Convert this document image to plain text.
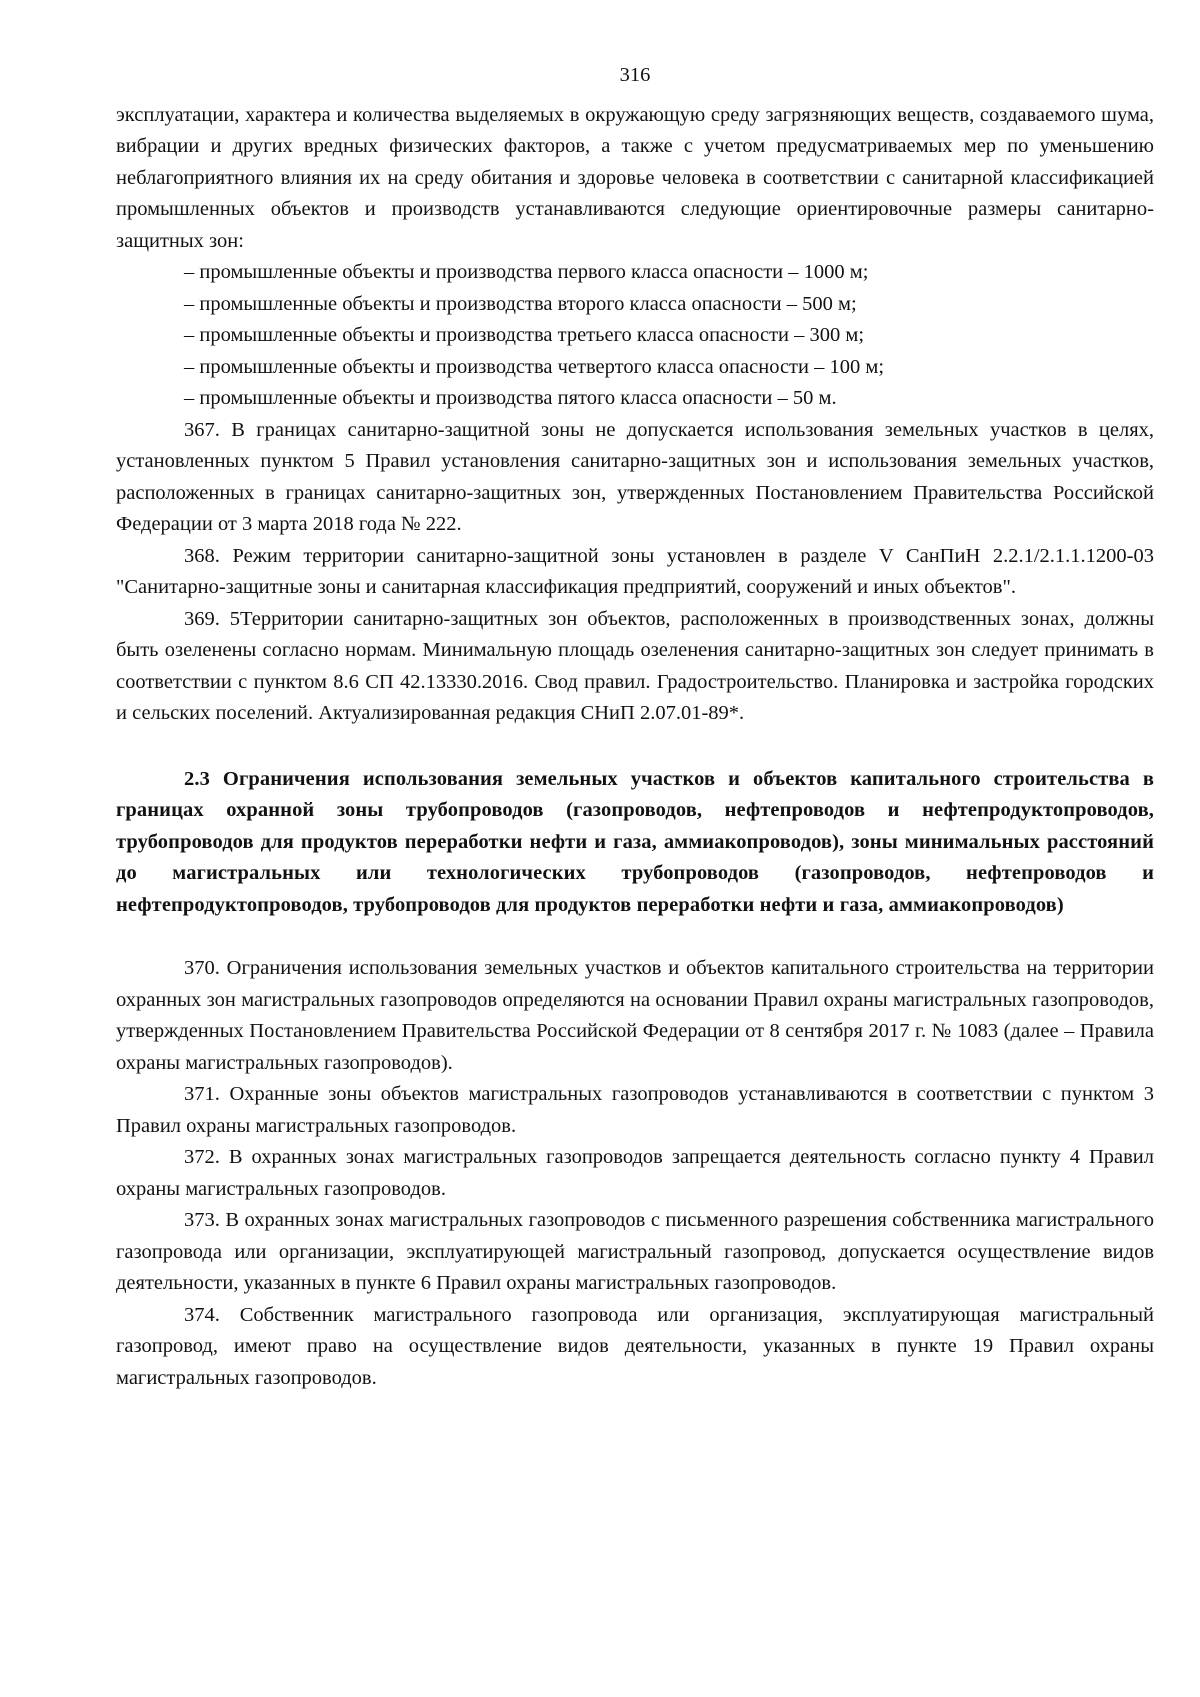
316

эксплуатации, характера и количества выделяемых в окружающую среду загрязняющих веществ, создаваемого шума, вибрации и других вредных физических факторов, а также с учетом предусматриваемых мер по уменьшению неблагоприятного влияния их на среду обитания и здоровье человека в соответствии с санитарной классификацией промышленных объектов и производств устанавливаются следующие ориентировочные размеры санитарно-защитных зон:

– промышленные объекты и производства первого класса опасности – 1000 м;

– промышленные объекты и производства второго класса опасности – 500 м;

– промышленные объекты и производства третьего класса опасности – 300 м;

– промышленные объекты и производства четвертого класса опасности – 100 м;

– промышленные объекты и производства пятого класса опасности – 50 м.

367. В границах санитарно-защитной зоны не допускается использования земельных участков в целях, установленных пунктом 5 Правил установления санитарно-защитных зон и использования земельных участков, расположенных в границах санитарно-защитных зон, утвержденных Постановлением Правительства Российской Федерации от 3 марта 2018 года № 222.

368. Режим территории санитарно-защитной зоны установлен в разделе V СанПиН 2.2.1/2.1.1.1200-03 "Санитарно-защитные зоны и санитарная классификация предприятий, сооружений и иных объектов".

369. 5Территории санитарно-защитных зон объектов, расположенных в производственных зонах, должны быть озеленены согласно нормам. Минимальную площадь озеленения санитарно-защитных зон следует принимать в соответствии с пунктом 8.6 СП 42.13330.2016. Свод правил. Градостроительство. Планировка и застройка городских и сельских поселений. Актуализированная редакция СНиП 2.07.01-89*.

2.3 Ограничения использования земельных участков и объектов капитального строительства в границах охранной зоны трубопроводов (газопроводов, нефтепроводов и нефтепродуктопроводов, трубопроводов для продуктов переработки нефти и газа, аммиакопроводов), зоны минимальных расстояний до магистральных или технологических трубопроводов (газопроводов, нефтепроводов и нефтепродуктопроводов, трубопроводов для продуктов переработки нефти и газа, аммиакопроводов)

370. Ограничения использования земельных участков и объектов капитального строительства на территории охранных зон магистральных газопроводов определяются на основании Правил охраны магистральных газопроводов, утвержденных Постановлением Правительства Российской Федерации от 8 сентября 2017 г. № 1083 (далее – Правила охраны магистральных газопроводов).

371. Охранные зоны объектов магистральных газопроводов устанавливаются в соответствии с пунктом 3 Правил охраны магистральных газопроводов.

372. В охранных зонах магистральных газопроводов запрещается деятельность согласно пункту 4 Правил охраны магистральных газопроводов.

373. В охранных зонах магистральных газопроводов с письменного разрешения собственника магистрального газопровода или организации, эксплуатирующей магистральный газопровод, допускается осуществление видов деятельности, указанных в пункте 6 Правил охраны магистральных газопроводов.

374. Собственник магистрального газопровода или организация, эксплуатирующая магистральный газопровод, имеют право на осуществление видов деятельности, указанных в пункте 19 Правил охраны магистральных газопроводов.
